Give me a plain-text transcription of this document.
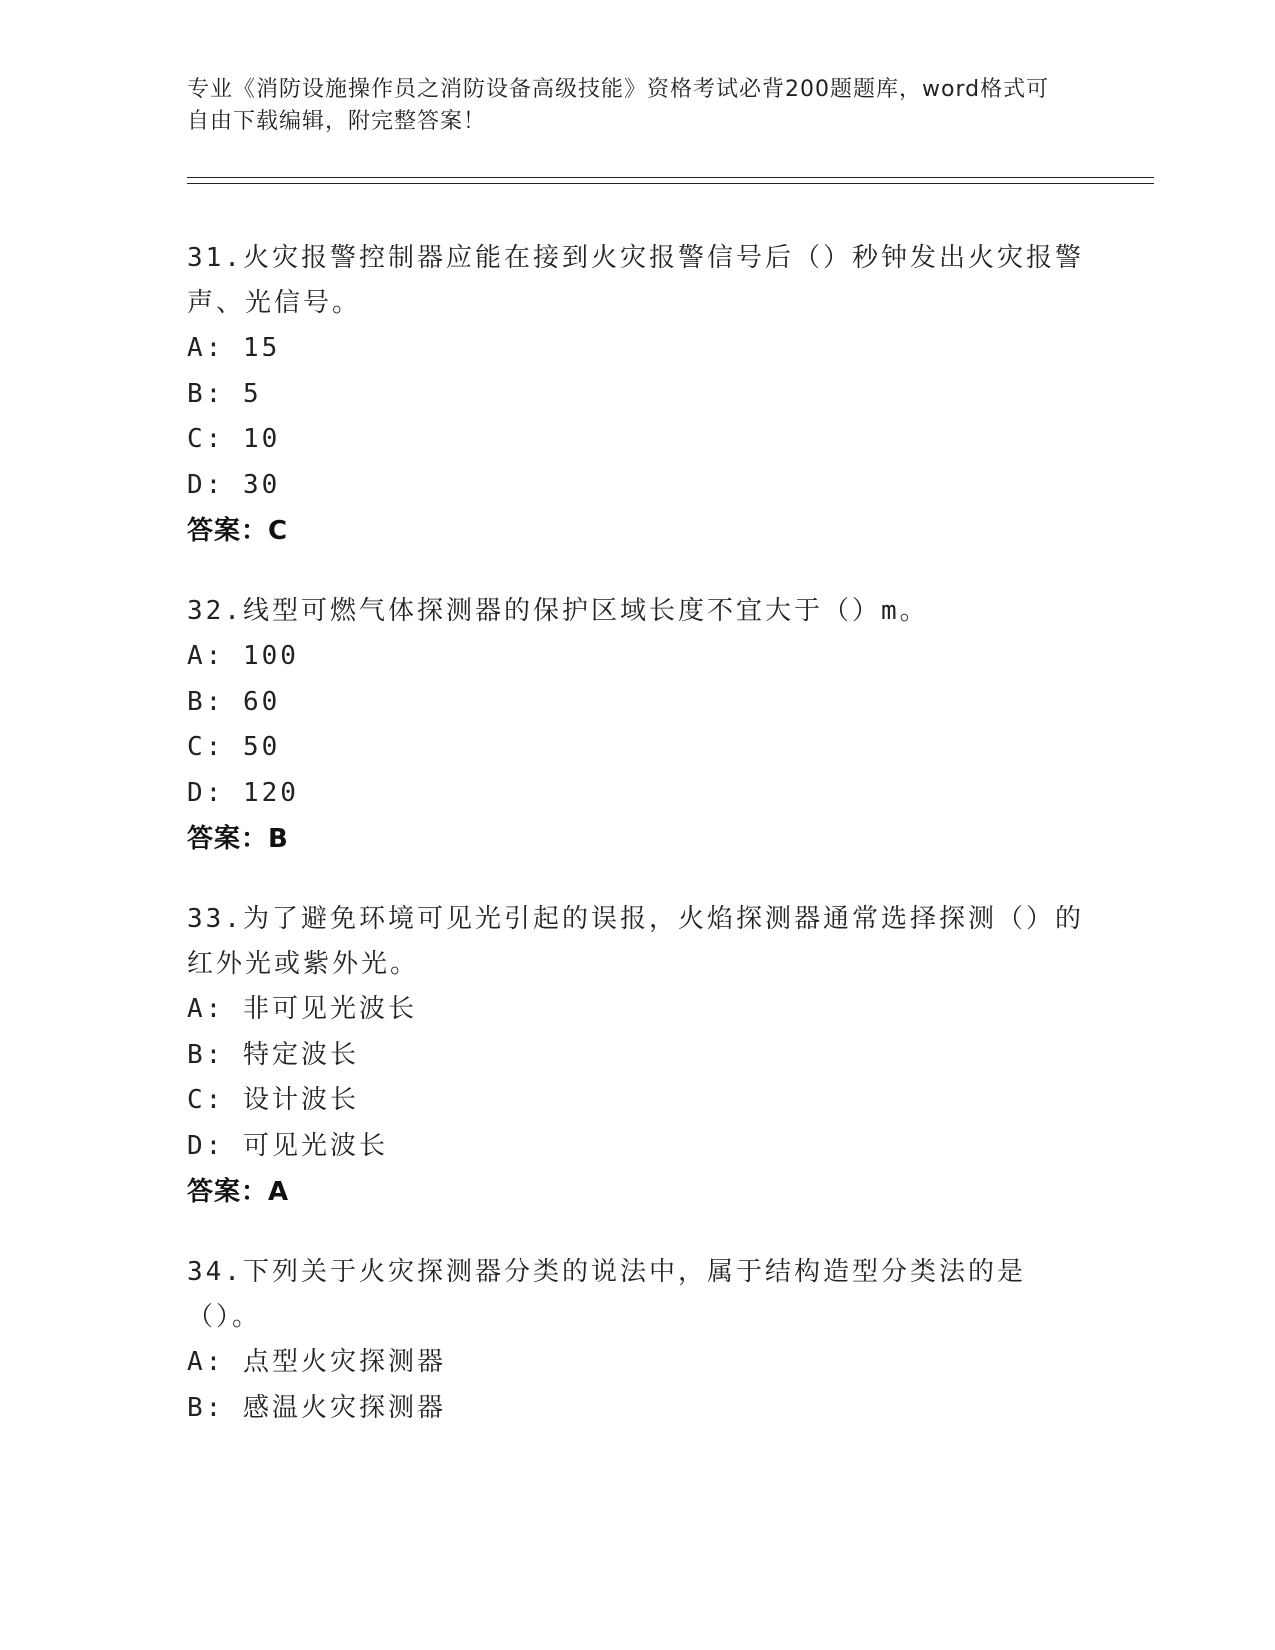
专业《消防设施操作员之消防设备高级技能》资格考试必背200题题库，word格式可自由下载编辑，附完整答案！
31.火灾报警控制器应能在接到火灾报警信号后（）秒钟发出火灾报警声、光信号。
A: 15
B: 5
C: 10
D: 30
答案：C
32.线型可燃气体探测器的保护区域长度不宜大于（）m。
A: 100
B: 60
C: 50
D: 120
答案：B
33.为了避免环境可见光引起的误报，火焰探测器通常选择探测（）的红外光或紫外光。
A: 非可见光波长
B: 特定波长
C: 设计波长
D: 可见光波长
答案：A
34.下列关于火灾探测器分类的说法中，属于结构造型分类法的是（）。
A: 点型火灾探测器
B: 感温火灾探测器
